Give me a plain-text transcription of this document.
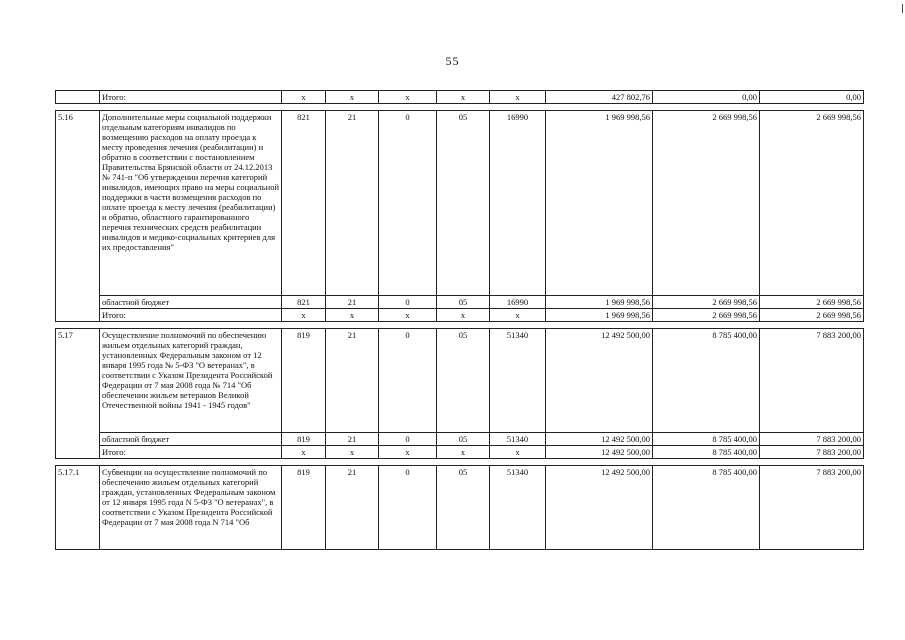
55
	Итого:	x	x	x	x	x	427 802,76	0,00	0,00

5.16	Дополнительные меры социальной поддержки отдельным категориям инвалидов по возмещению расходов на оплату проезда к месту проведения лечения (реабилитации) и обратно в соответствии с постановлением Правительства Брянской области от 24.12.2013 № 741-п "Об утверждении перечня категорий инвалидов, имеющих право на меры социальной поддержки в части возмещения расходов по оплате проезда к месту лечения (реабилитации) и обратно, областного гарантированного перечня технических средств реабилитации инвалидов и медико-социальных критериев для их предоставления"	821	21	0	05	16990	1 969 998,56	2 669 998,56	2 669 998,56
	областной бюджет	821	21	0	05	16990	1 969 998,56	2 669 998,56	2 669 998,56
	Итого:	x	x	x	x	x	1 969 998,56	2 669 998,56	2 669 998,56

5.17	Осуществление полномочий по обеспечению жильем отдельных категорий граждан, установленных Федеральным законом от 12 января 1995 года № 5-ФЗ "О ветеранах", в соответствии с Указом Президента Российской Федерации от 7 мая 2008 года № 714 "Об обеспечении жильем ветеранов Великой Отечественной войны 1941 - 1945 годов"	819	21	0	05	51340	12 492 500,00	8 785 400,00	7 883 200,00
	областной бюджет	819	21	0	05	51340	12 492 500,00	8 785 400,00	7 883 200,00
	Итого:	x	x	x	x	x	12 492 500,00	8 785 400,00	7 883 200,00

5.17.1	Субвенции на осуществление полномочий по обеспечению жильем отдельных категорий граждан, установленных Федеральным законом от 12 января 1995 года N 5-ФЗ "О ветеранах", в соответствии с Указом Президента Российской Федерации от 7 мая 2008 года N 714 "Об	819	21	0	05	51340	12 492 500,00	8 785 400,00	7 883 200,00
